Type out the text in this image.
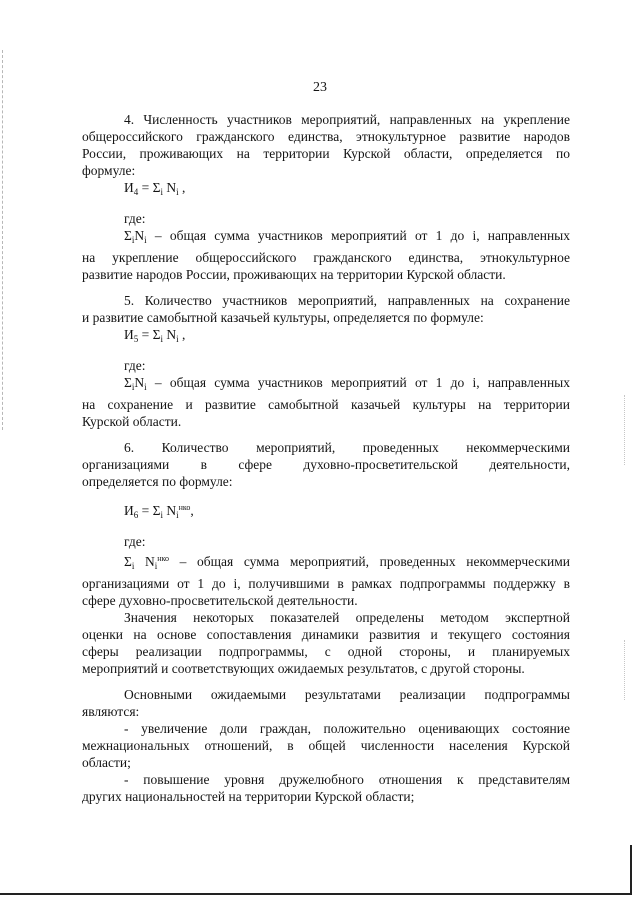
23

4. Численность участников мероприятий, направленных на укрепление

общероссийского гражданского единства, этнокультурное развитие народов

России, проживающих на территории Курской области, определяется по

формуле:

$И_4 = \Sigma_i$ $N_i$ ,

где:

$\Sigma_iN_i$ – общая сумма участников мероприятий от 1 до i, направленных

на укрепление общероссийского гражданского единства, этнокультурное

развитие народов России, проживающих на территории Курской области.

5. Количество участников мероприятий, направленных на сохранение

и развитие самобытной казачьей культуры, определяется по формуле:

$И_5 = \Sigma_i$ $N_i$ ,

где:

$\Sigma_iN_i$ – общая сумма участников мероприятий от 1 до i, направленных

на сохранение и развитие самобытной казачьей культуры на территории

Курской области.

6. Количество мероприятий, проведенных некоммерческими

организациями в сфере духовно-просветительской деятельности,

определяется по формуле:

$И_6 = \Sigma_i$ $N_i^{нко}$,

где:

$\Sigma_i$ $N_i^{нко}$ – общая сумма мероприятий, проведенных некоммерческими

организациями от 1 до i, получившими в рамках подпрограммы поддержку в

сфере духовно-просветительской деятельности.

Значения некоторых показателей определены методом экспертной

оценки на основе сопоставления динамики развития и текущего состояния

сферы реализации подпрограммы, с одной стороны, и планируемых

мероприятий и соответствующих ожидаемых результатов, с другой стороны.

Основными ожидаемыми результатами реализации подпрограммы

являются:

- увеличение доли граждан, положительно оценивающих состояние

межнациональных отношений, в общей численности населения Курской

области;

- повышение уровня дружелюбного отношения к представителям

других национальностей на территории Курской области;
